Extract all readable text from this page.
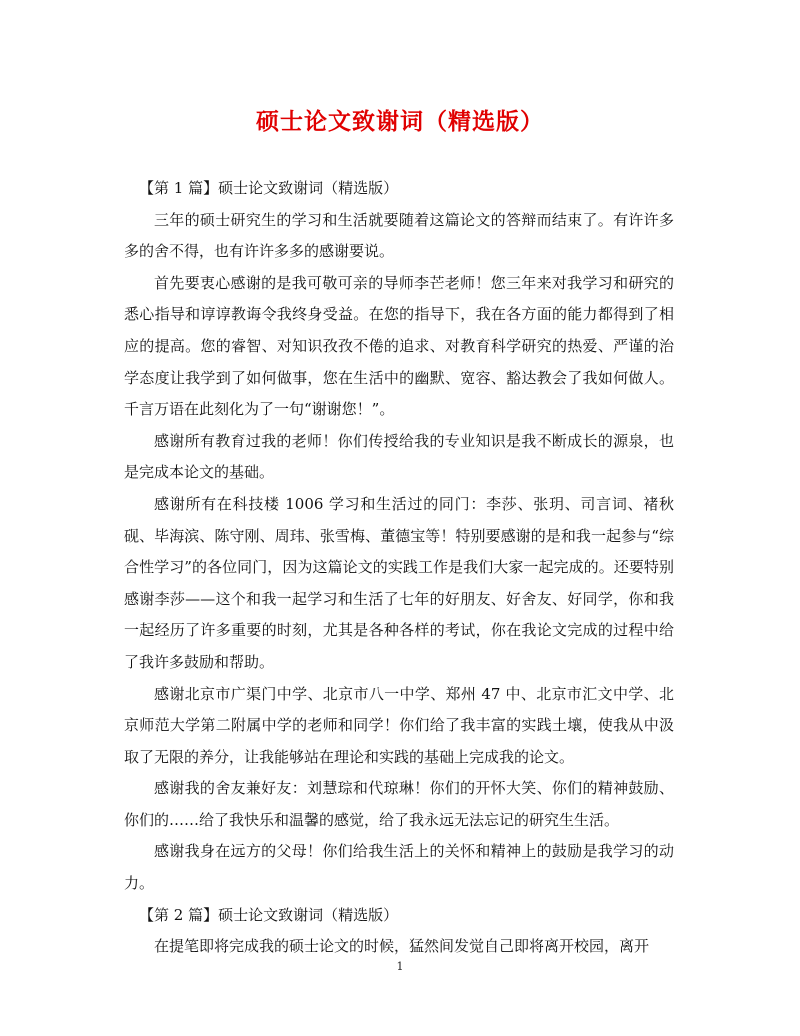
硕士论文致谢词（精选版）

【第 1 篇】硕士论文致谢词（精选版）

三年的硕士研究生的学习和生活就要随着这篇论文的答辩而结束了。有许许多多的舍不得，也有许许多多的感谢要说。

首先要衷心感谢的是我可敬可亲的导师李芒老师！您三年来对我学习和研究的悉心指导和谆谆教诲令我终身受益。在您的指导下，我在各方面的能力都得到了相应的提高。您的睿智、对知识孜孜不倦的追求、对教育科学研究的热爱、严谨的治学态度让我学到了如何做事，您在生活中的幽默、宽容、豁达教会了我如何做人。千言万语在此刻化为了一句“谢谢您！”。

感谢所有教育过我的老师！你们传授给我的专业知识是我不断成长的源泉，也是完成本论文的基础。

感谢所有在科技楼 1006 学习和生活过的同门：李莎、张玥、司言词、褚秋砚、毕海滨、陈守刚、周玮、张雪梅、董德宝等！特别要感谢的是和我一起参与“综合性学习”的各位同门，因为这篇论文的实践工作是我们大家一起完成的。还要特别感谢李莎——这个和我一起学习和生活了七年的好朋友、好舍友、好同学，你和我一起经历了许多重要的时刻，尤其是各种各样的考试，你在我论文完成的过程中给了我许多鼓励和帮助。

感谢北京市广渠门中学、北京市八一中学、郑州 47 中、北京市汇文中学、北京师范大学第二附属中学的老师和同学！你们给了我丰富的实践土壤，使我从中汲取了无限的养分，让我能够站在理论和实践的基础上完成我的论文。

感谢我的舍友兼好友：刘慧琮和代琼琳！你们的开怀大笑、你们的精神鼓励、你们的……给了我快乐和温馨的感觉，给了我永远无法忘记的研究生生活。

感谢我身在远方的父母！你们给我生活上的关怀和精神上的鼓励是我学习的动力。

【第 2 篇】硕士论文致谢词（精选版）

在提笔即将完成我的硕士论文的时候，猛然间发觉自己即将离开校园，离开

1
